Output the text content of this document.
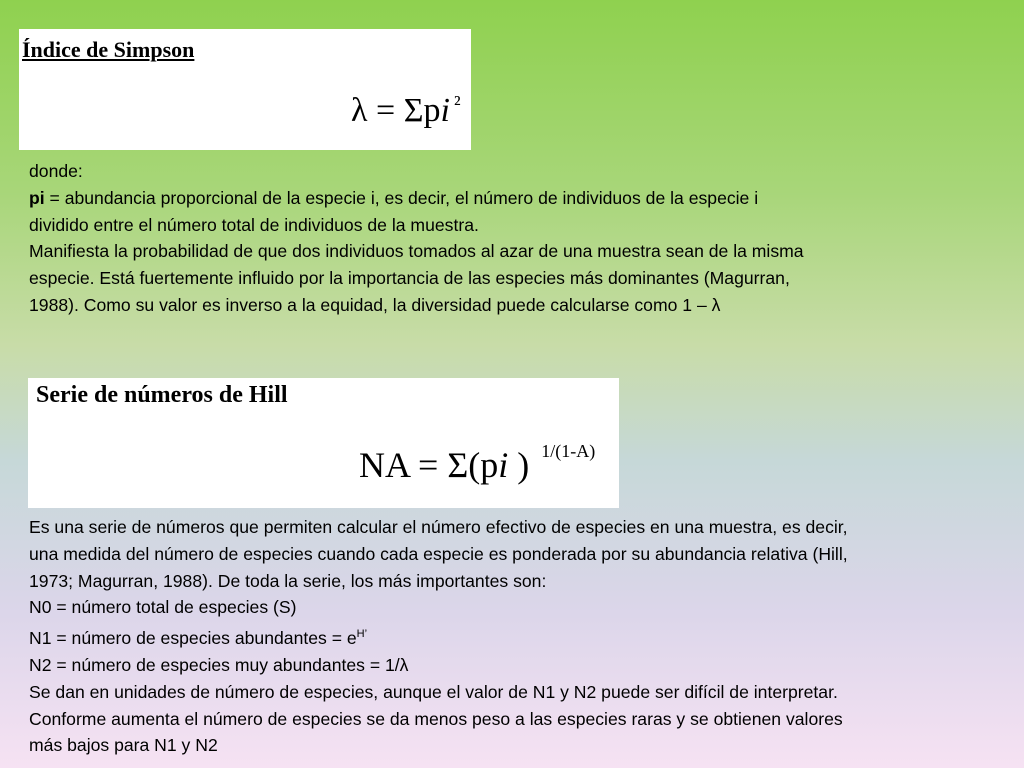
Índice de Simpson
λ = Σpi $^{^2}$
donde:
pi = abundancia proporcional de la especie i, es decir, el número de individuos de la especie i
dividido entre el número total de individuos de la muestra.
Manifiesta la probabilidad de que dos individuos tomados al azar de una muestra sean de la misma
especie. Está fuertemente influido por la importancia de las especies más dominantes (Magurran,
1988). Como su valor es inverso a la equidad, la diversidad puede calcularse como 1 – λ
Serie de números de Hill
NA = Σ(pi ) $^{1/(1-A)}$
Es una serie de números que permiten calcular el número efectivo de especies en una muestra, es decir,
una medida del número de especies cuando cada especie es ponderada por su abundancia relativa (Hill,
1973; Magurran, 1988). De toda la serie, los más importantes son:
N0 = número total de especies (S)
N1 = número de especies abundantes = $e^{H’}$
N2 = número de especies muy abundantes = 1/λ
Se dan en unidades de número de especies, aunque el valor de N1 y N2 puede ser difícil de interpretar.
Conforme aumenta el número de especies se da menos peso a las especies raras y se obtienen valores
más bajos para N1 y N2
